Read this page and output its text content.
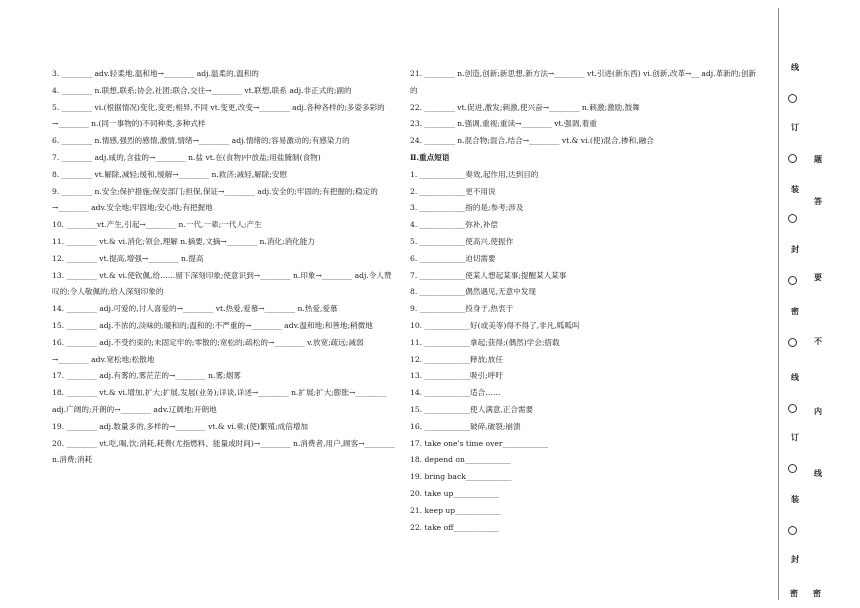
3. ________ adv.轻柔地,温和地→________ adj.温柔的,温和的

4. ________ n.联想,联系;协会,社团;联合,交往→________ vt.联想,联系 adj.非正式的;副的

5. ________ vi.(根据情况)变化,变更;相异,不同 vt.变更,改变→________ adj.各种各样的;多姿多彩的→________ n.(同一事物的)不同种类,多种式样

6. ________ n.情感,强烈的感情,激情,情绪→________ adj.情绪的;容易激动的;有感染力的

7. ________ adj.咸的,含盐的→________ n.盐 vt.在(食物)中放盐;用盐腌制(食物)

8. ________ vt.解除,减轻;缓和,缓解→________ n.救济;减轻,解除;安慰

9. ________ n.安全;保护措施;保安部门;担保,保证→________ adj.安全的;牢固的;有把握的;稳定的→________ adv.安全地;牢固地;安心地;有把握地

10. ________vt.产生,引起→________ n.一代,一辈;一代人;产生

11. ________ vt.& vi.消化;领会,理解 n.摘要,文摘→________ n.消化;消化能力

12. ________ vt.提高,增强→________ n.提高

13. ________ vt.& vi.使钦佩,给……留下深刻印象;使意识到→________ n.印象→________ adj.令人赞叹的;令人敬佩的;给人深刻印象的

14. ________ adj.可爱的,讨人喜爱的→________ vt.热爱,爱慕→________ n.热爱,爱慕

15. ________ adj.不浓的,淡味的;暖和的;温和的;不严重的→________ adv.温和地;和善地;稍微地

16. ________ adj.不受约束的;未固定牢的;零散的;宽松的;疏松的→________ v.放宽;疏远;减弱→________ adv.宽松地;松散地

17. ________ adj.有雾的,雾茫茫的→________ n.雾;烟雾

18. ________ vt.& vi.增加,扩大;扩展,发展(业务);详谈,详述→________ n.扩展;扩大;膨胀→________ adj.广阔的;开朗的→________ adv.辽阔地;开朗地

19. ________ adj.数量多的,多样的→________ vt.& vi.乘;(使)繁殖;成倍增加

20. ________ vt.吃,喝,饮;消耗,耗费(尤指燃料、能量或时间)→________ n.消费者,用户,顾客→________ n.消费;消耗

21. ________ n.创造,创新;新思想,新方法→________ vt.引进(新东西) vi.创新,改革→__ adj.革新的;创新的

22. ________ vt.促进,激发;刺激,使兴奋→________ n.刺激;激励,鼓舞

23. ________ n.强调,重视;重读→________ vt.强调,着重

24. ________ n.混合物;混合,结合→________ vt.& vi.(使)混合,掺和,融合

Ⅱ.重点短语

1. ____________奏效,起作用,达到目的

2. ____________更不用说

3. ____________指的是;参考;涉及

4. ____________弥补,补偿

5. ____________使高兴,使振作

6. ____________迫切需要

7. ____________使某人想起某事;提醒某人某事

8. ____________偶然遇见,无意中发现

9. ____________投身于,热衷于

10. ____________好(或美等)得不得了,非凡,呱呱叫

11. ____________拿起;获得;(偶然)学会;搭载

12. ____________释放;放任

13. ____________吸引;呼吁

14. ____________适合……

15. ____________使人满意,正合需要

16. ____________破碎,破裂;崩溃

17. take one's time over____________

18. depend on____________

19. bring back____________

20. take up____________

21. keep up____________

22. take off____________

线
订
装
封
密
线
订
装
封
题
答
要
不
内
线
密 密
